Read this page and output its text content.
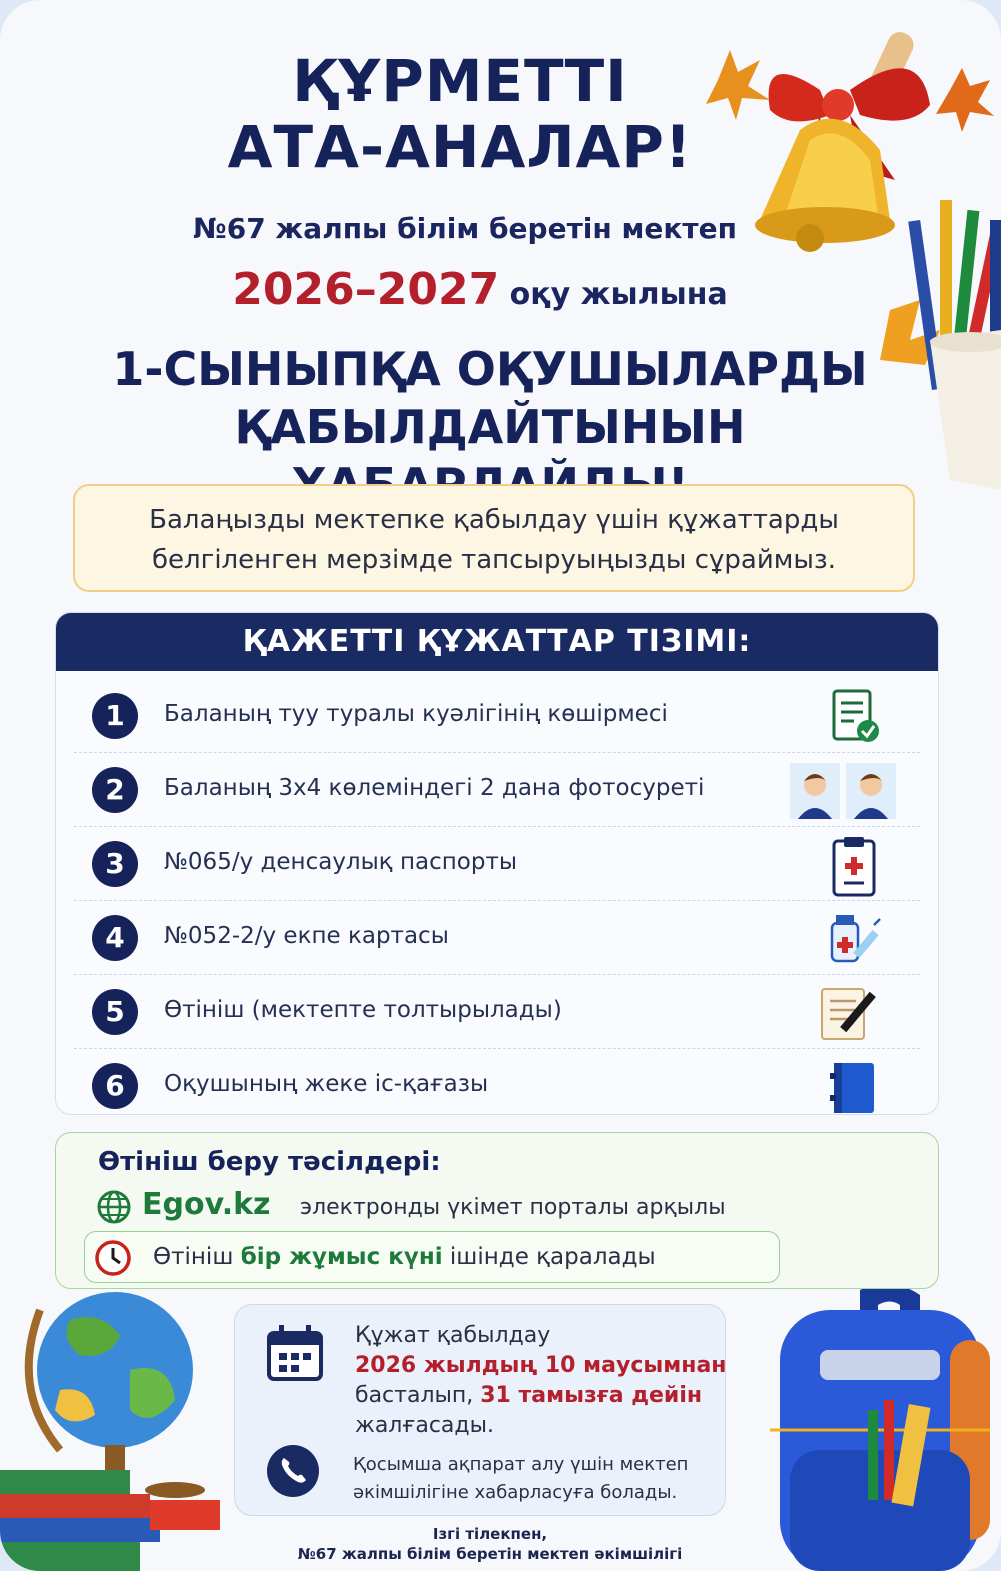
ҚҰРМЕТТІ
АТА-АНАЛАР!
№67 жалпы білім беретін мектеп
2026–2027 оқу жылына
1-СЫНЫПҚА ОҚУШЫЛАРДЫ
ҚАБЫЛДАЙТЫНЫН
Балаңызды мектепке қабылдау үшін құжаттарды
белгіленген мерзімде тапсыруыңызды сұраймыз.
ҚАЖЕТТІ ҚҰЖАТТАР ТІЗІМІ:
1	Баланың туу туралы куәлігінің көшірмесі
2	Баланың 3х4 көлеміндегі 2 дана фотосуреті
3	№065/у денсаулық паспорты
4	№052-2/у екпе картасы
5	Өтініш (мектепте толтырылады)
6	Оқушының жеке іс-қағазы
Өтініш беру тәсілдері:
Egov.kz электронды үкімет порталы арқылы
Өтініш бір жұмыс күні ішінде қаралады
Құжат қабылдау
2026 жылдың 10 маусымнан
басталып, 31 тамызға дейін
жалғасады.
Қосымша ақпарат алу үшін мектеп
әкімшілігіне хабарласуға болады.
Ізгі тілекпен,
№67 жалпы білім беретін мектеп әкімшілігі
